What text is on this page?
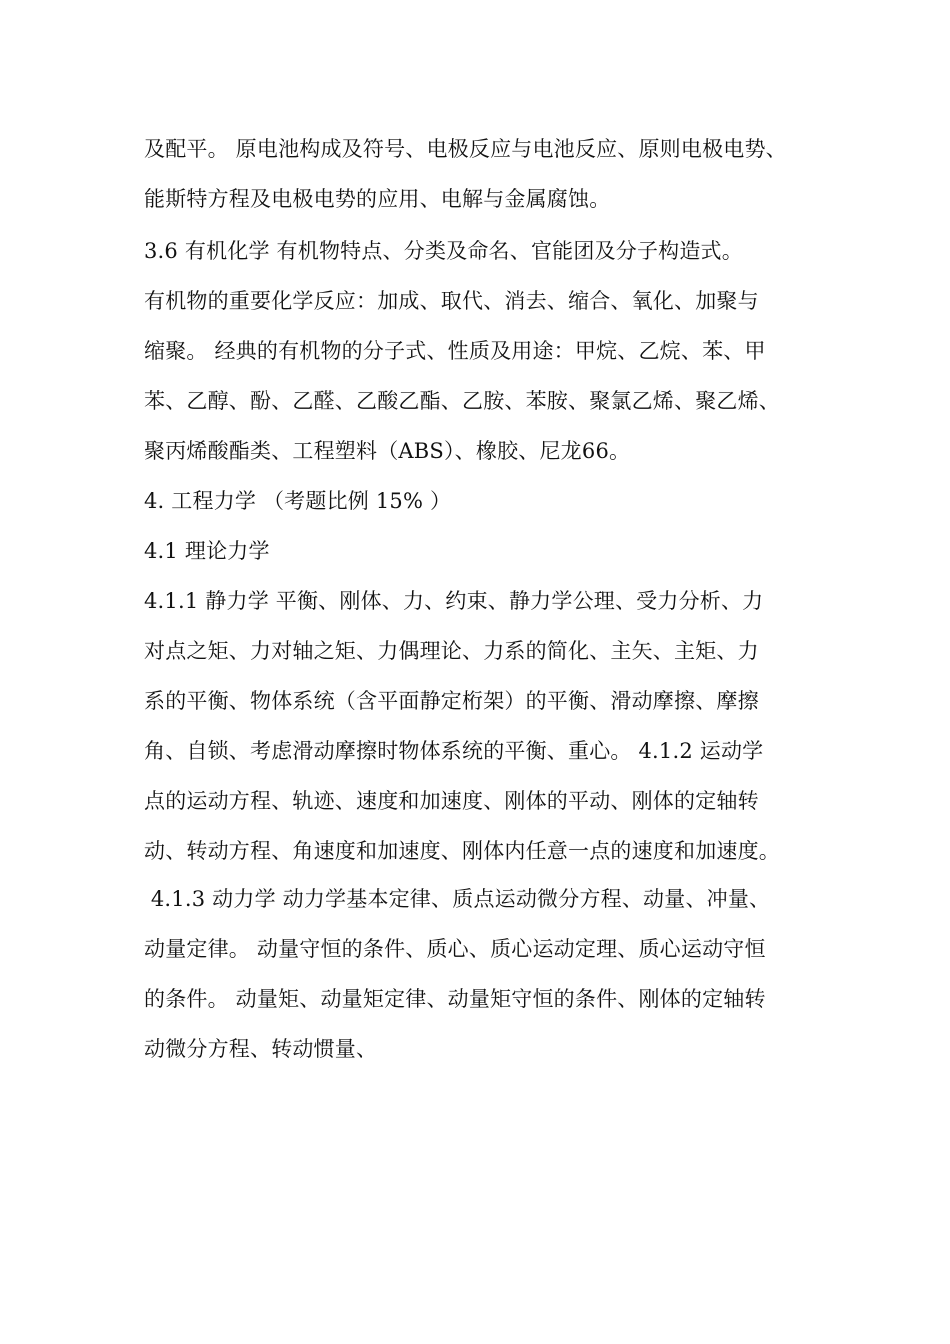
及配平。 原电池构成及符号、电极反应与电池反应、原则电极电势、
能斯特方程及电极电势的应用、电解与金属腐蚀。
3.6 有机化学 有机物特点、分类及命名、官能团及分子构造式。
有机物的重要化学反应：加成、取代、消去、缩合、氧化、加聚与
缩聚。 经典的有机物的分子式、性质及用途：甲烷、乙烷、苯、甲
苯、乙醇、酚、乙醛、乙酸乙酯、乙胺、苯胺、聚氯乙烯、聚乙烯、
聚丙烯酸酯类、工程塑料（ABS）、橡胶、尼龙66。
4. 工程力学 （考题比例 15% ）
4.1 理论力学
4.1.1 静力学 平衡、刚体、力、约束、静力学公理、受力分析、力
对点之矩、力对轴之矩、力偶理论、力系的简化、主矢、主矩、力
系的平衡、物体系统（含平面静定桁架）的平衡、滑动摩擦、摩擦
角、自锁、考虑滑动摩擦时物体系统的平衡、重心。 4.1.2 运动学
点的运动方程、轨迹、速度和加速度、刚体的平动、刚体的定轴转
动、转动方程、角速度和加速度、刚体内任意一点的速度和加速度。
4.1.3 动力学 动力学基本定律、质点运动微分方程、动量、冲量、
动量定律。 动量守恒的条件、质心、质心运动定理、质心运动守恒
的条件。 动量矩、动量矩定律、动量矩守恒的条件、刚体的定轴转
动微分方程、转动惯量、
